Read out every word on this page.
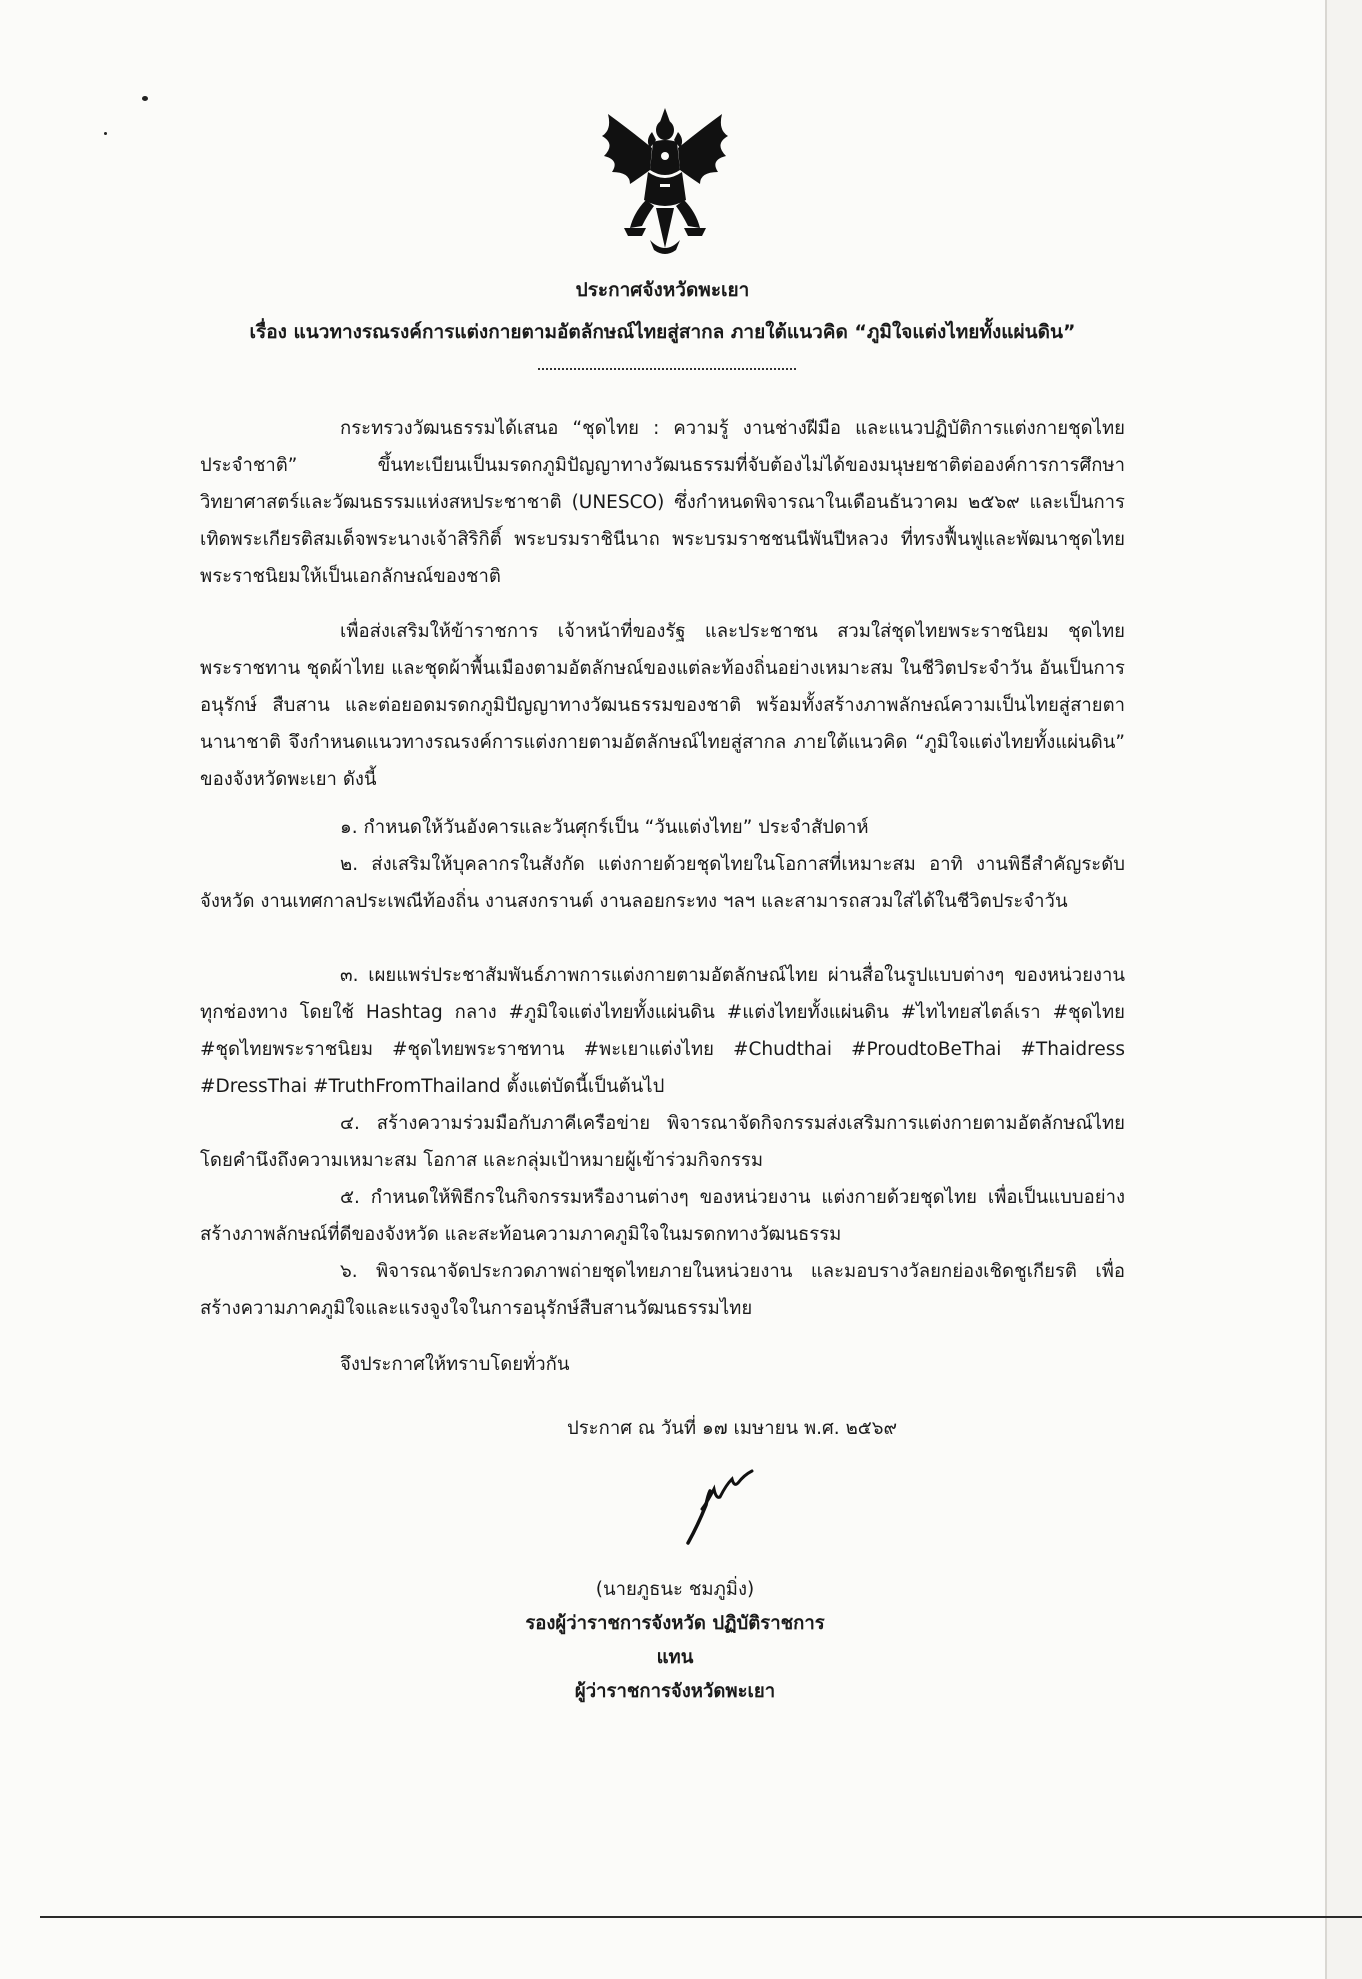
ประกาศจังหวัดพะเยา
เรื่อง แนวทางรณรงค์การแต่งกายตามอัตลักษณ์ไทยสู่สากล ภายใต้แนวคิด “ภูมิใจแต่งไทยทั้งแผ่นดิน”
กระทรวงวัฒนธรรมได้เสนอ “ชุดไทย : ความรู้ งานช่างฝีมือ และแนวปฏิบัติการแต่งกายชุดไทยประจำชาติ” ขึ้นทะเบียนเป็นมรดกภูมิปัญญาทางวัฒนธรรมที่จับต้องไม่ได้ของมนุษยชาติต่อองค์การการศึกษา วิทยาศาสตร์และวัฒนธรรมแห่งสหประชาชาติ (UNESCO) ซึ่งกำหนดพิจารณาในเดือนธันวาคม ๒๕๖๙ และเป็นการเทิดพระเกียรติสมเด็จพระนางเจ้าสิริกิติ์ พระบรมราชินีนาถ พระบรมราชชนนีพันปีหลวง ที่ทรงฟื้นฟูและพัฒนาชุดไทยพระราชนิยมให้เป็นเอกลักษณ์ของชาติ
เพื่อส่งเสริมให้ข้าราชการ เจ้าหน้าที่ของรัฐ และประชาชน สวมใส่ชุดไทยพระราชนิยม ชุดไทยพระราชทาน ชุดผ้าไทย และชุดผ้าพื้นเมืองตามอัตลักษณ์ของแต่ละท้องถิ่นอย่างเหมาะสม ในชีวิตประจำวัน อันเป็นการอนุรักษ์ สืบสาน และต่อยอดมรดกภูมิปัญญาทางวัฒนธรรมของชาติ พร้อมทั้งสร้างภาพลักษณ์ความเป็นไทยสู่สายตานานาชาติ จึงกำหนดแนวทางรณรงค์การแต่งกายตามอัตลักษณ์ไทยสู่สากล ภายใต้แนวคิด “ภูมิใจแต่งไทยทั้งแผ่นดิน” ของจังหวัดพะเยา ดังนี้
๑. กำหนดให้วันอังคารและวันศุกร์เป็น “วันแต่งไทย” ประจำสัปดาห์
๒. ส่งเสริมให้บุคลากรในสังกัด แต่งกายด้วยชุดไทยในโอกาสที่เหมาะสม อาทิ งานพิธีสำคัญระดับจังหวัด งานเทศกาลประเพณีท้องถิ่น งานสงกรานต์ งานลอยกระทง ฯลฯ และสามารถสวมใส่ได้ในชีวิตประจำวัน
๓. เผยแพร่ประชาสัมพันธ์ภาพการแต่งกายตามอัตลักษณ์ไทย ผ่านสื่อในรูปแบบต่างๆ ของหน่วยงานทุกช่องทาง โดยใช้ Hashtag กลาง #ภูมิใจแต่งไทยทั้งแผ่นดิน #แต่งไทยทั้งแผ่นดิน #ไทไทยสไตล์เรา #ชุดไทย #ชุดไทยพระราชนิยม #ชุดไทยพระราชทาน #พะเยาแต่งไทย #Chudthai #ProudtoBeThai #Thaidress #DressThai #TruthFromThailand ตั้งแต่บัดนี้เป็นต้นไป
๔. สร้างความร่วมมือกับภาคีเครือข่าย พิจารณาจัดกิจกรรมส่งเสริมการแต่งกายตามอัตลักษณ์ไทย โดยคำนึงถึงความเหมาะสม โอกาส และกลุ่มเป้าหมายผู้เข้าร่วมกิจกรรม
๕. กำหนดให้พิธีกรในกิจกรรมหรืองานต่างๆ ของหน่วยงาน แต่งกายด้วยชุดไทย เพื่อเป็นแบบอย่างสร้างภาพลักษณ์ที่ดีของจังหวัด และสะท้อนความภาคภูมิใจในมรดกทางวัฒนธรรม
๖. พิจารณาจัดประกวดภาพถ่ายชุดไทยภายในหน่วยงาน และมอบรางวัลยกย่องเชิดชูเกียรติ เพื่อสร้างความภาคภูมิใจและแรงจูงใจในการอนุรักษ์สืบสานวัฒนธรรมไทย
จึงประกาศให้ทราบโดยทั่วกัน
ประกาศ ณ วันที่ ๑๗ เมษายน พ.ศ. ๒๕๖๙
(นายภูธนะ ชมภูมิ่ง)
รองผู้ว่าราชการจังหวัด ปฏิบัติราชการแทน
ผู้ว่าราชการจังหวัดพะเยา
